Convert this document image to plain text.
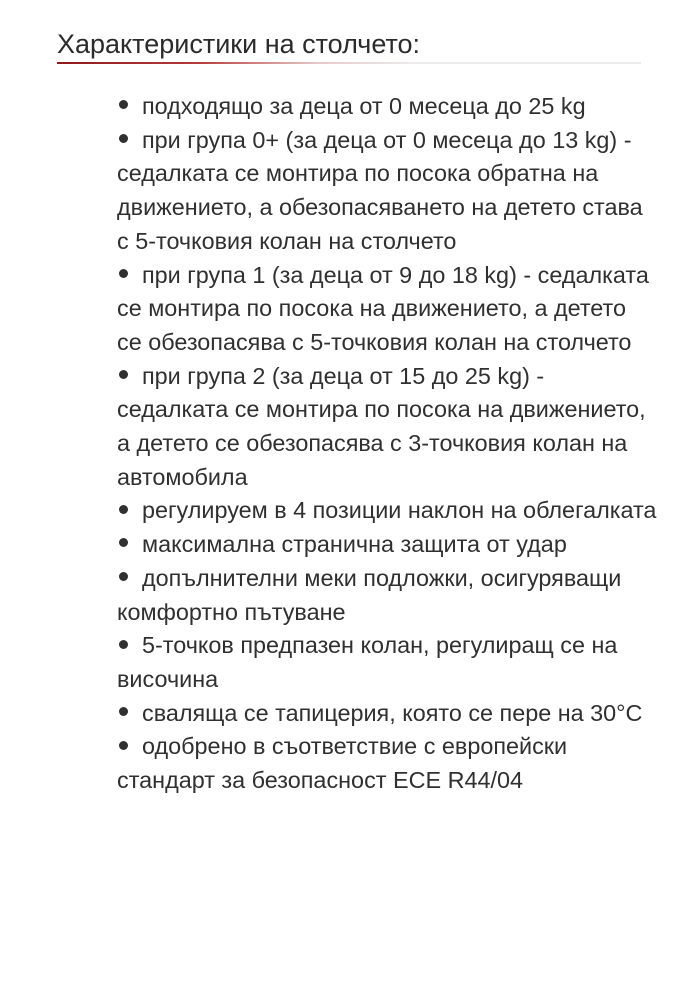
Характеристики на столчето:
подходящо за деца от 0 месеца до 25 kg
при група 0+ (за деца от 0 месеца до 13 kg) - седалката се монтира по посока обратна на движението, а обезопасяването на детето става с 5-точковия колан на столчето
при група 1 (за деца от 9 до 18 kg) - седалката се монтира по посока на движението, а детето се обезопасява с 5-точковия колан на столчето
при група 2 (за деца от 15 до 25 kg) - седалката се монтира по посока на движението, а детето се обезопасява с 3-точковия колан на автомобила
регулируем в 4 позиции наклон на облегалката
максимална странична защита от удар
допълнителни меки подложки, осигуряващи комфортно пътуване
5-точков предпазен колан, регулиращ се на височина
сваляща се тапицерия, която се пере на 30°C
одобрено в съответствие с европейски стандарт за безопасност ECE R44/04
